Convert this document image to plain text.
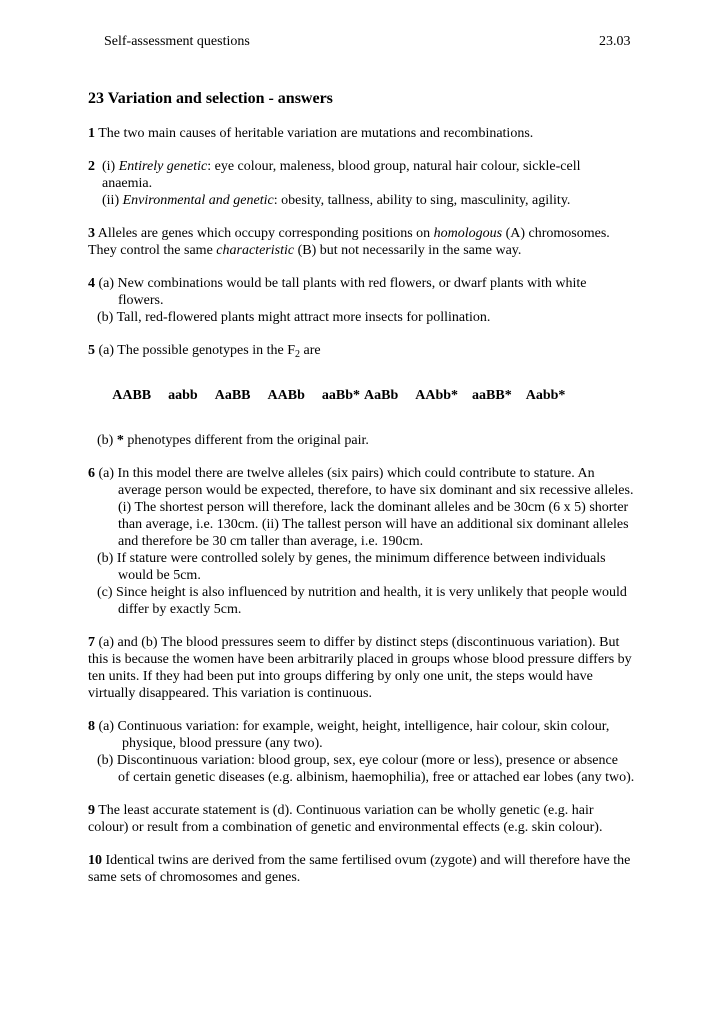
Self-assessment questions	23.03
23 Variation and selection - answers
1 The two main causes of heritable variation are mutations and recombinations.
2  (i) Entirely genetic: eye colour, maleness, blood group, natural hair colour, sickle-cell
anaemia.
(ii) Environmental and genetic: obesity, tallness, ability to sing, masculinity, agility.
3 Alleles are genes which occupy corresponding positions on homologous (A) chromosomes.
They control the same characteristic (B) but not necessarily in the same way.
4 (a) New combinations would be tall plants with red flowers, or dwarf plants with white
flowers.
(b) Tall, red-flowered plants might attract more insects for pollination.
5 (a) The possible genotypes in the $F_2$ are

AABB aabb AaBB AABb aaBb* AaBb AAbb* aaBB* Aabb*

(b) * phenotypes different from the original pair.
6 (a) In this model there are twelve alleles (six pairs) which could contribute to stature. An
average person would be expected, therefore, to have six dominant and six recessive alleles.
(i) The shortest person will therefore, lack the dominant alleles and be 30cm (6 x 5) shorter
than average, i.e. 130cm. (ii) The tallest person will have an additional six dominant alleles
and therefore be 30 cm taller than average, i.e. 190cm.
(b) If stature were controlled solely by genes, the minimum difference between individuals
would be 5cm.
(c) Since height is also influenced by nutrition and health, it is very unlikely that people would
differ by exactly 5cm.
7 (a) and (b) The blood pressures seem to differ by distinct steps (discontinuous variation). But
this is because the women have been arbitrarily placed in groups whose blood pressure differs by
ten units. If they had been put into groups differing by only one unit, the steps would have
virtually disappeared. This variation is continuous.
8 (a) Continuous variation: for example, weight, height, intelligence, hair colour, skin colour,
physique, blood pressure (any two).
(b) Discontinuous variation: blood group, sex, eye colour (more or less), presence or absence
of certain genetic diseases (e.g. albinism, haemophilia), free or attached ear lobes (any two).
9 The least accurate statement is (d). Continuous variation can be wholly genetic (e.g. hair
colour) or result from a combination of genetic and environmental effects (e.g. skin colour).
10 Identical twins are derived from the same fertilised ovum (zygote) and will therefore have the
same sets of chromosomes and genes.
